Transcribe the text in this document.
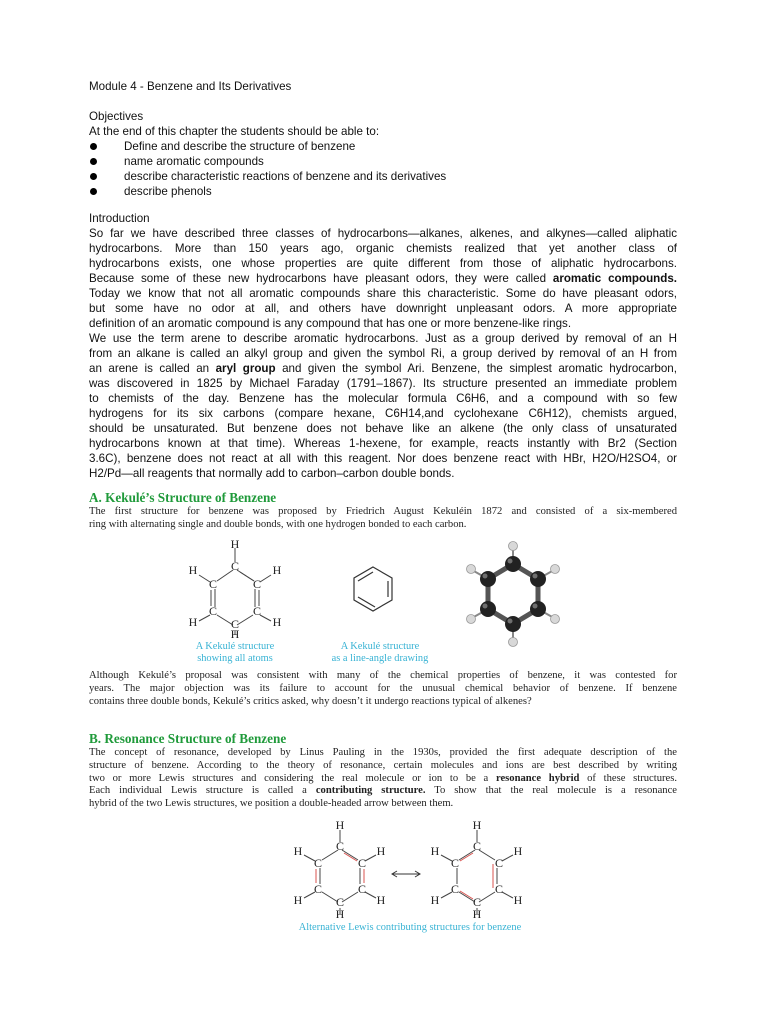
Module 4 - Benzene and Its Derivatives
Objectives
At the end of this chapter the students should be able to:
Define and describe the structure of benzene
name aromatic compounds
describe characteristic reactions of benzene and its derivatives
describe phenols
Introduction
So far we have described three classes of hydrocarbons—alkanes, alkenes, and alkynes—called aliphatic
hydrocarbons. More than 150 years ago, organic chemists realized that yet another class of
hydrocarbons exists, one whose properties are quite different from those of aliphatic hydrocarbons.
Because some of these new hydrocarbons have pleasant odors, they were called aromatic compounds.
Today we know that not all aromatic compounds share this characteristic. Some do have pleasant odors,
but some have no odor at all, and others have downright unpleasant odors. A more appropriate
definition of an aromatic compound is any compound that has one or more benzene-like rings.
We use the term arene to describe aromatic hydrocarbons. Just as a group derived by removal of an H
from an alkane is called an alkyl group and given the symbol Ri, a group derived by removal of an H from
an arene is called an aryl group and given the symbol Ari. Benzene, the simplest aromatic hydrocarbon,
was discovered in 1825 by Michael Faraday (1791–1867). Its structure presented an immediate problem
to chemists of the day. Benzene has the molecular formula C6H6, and a compound with so few
hydrogens for its six carbons (compare hexane, C6H14,and cyclohexane C6H12), chemists argued,
should be unsaturated. But benzene does not behave like an alkene (the only class of unsaturated
hydrocarbons known at that time). Whereas 1-hexene, for example, reacts instantly with Br2 (Section
3.6C), benzene does not react at all with this reagent. Nor does benzene react with HBr, H2O/H2SO4, or
H2/Pd—all reagents that normally add to carbon–carbon double bonds.
A. Kekulé’s Structure of Benzene
The first structure for benzene was proposed by Friedrich August Kekuléin 1872 and consisted of a six-membered
ring with alternating single and double bonds, with one hydrogen bonded to each carbon.
H
C
C
C
C
C
C
H
H
H
H
H
A Kekulé structure
showing all atoms
A Kekulé structure
as a line-angle drawing
Although Kekulé’s proposal was consistent with many of the chemical properties of benzene, it was contested for
years. The major objection was its failure to account for the unusual chemical behavior of benzene. If benzene
contains three double bonds, Kekulé’s critics asked, why doesn’t it undergo reactions typical of alkenes?
B. Resonance Structure of Benzene
The concept of resonance, developed by Linus Pauling in the 1930s, provided the first adequate description of the
structure of benzene. According to the theory of resonance, certain molecules and ions are best described by writing
two or more Lewis structures and considering the real molecule or ion to be a resonance hybrid of these structures.
Each individual Lewis structure is called a contributing structure. To show that the real molecule is a resonance
hybrid of the two Lewis structures, we position a double-headed arrow between them.
H
C
C
C
C
C
C
H
H
H
H
H
H
C
C
C
C
C
C
H
H
H
H
H
Alternative Lewis contributing structures for benzene
